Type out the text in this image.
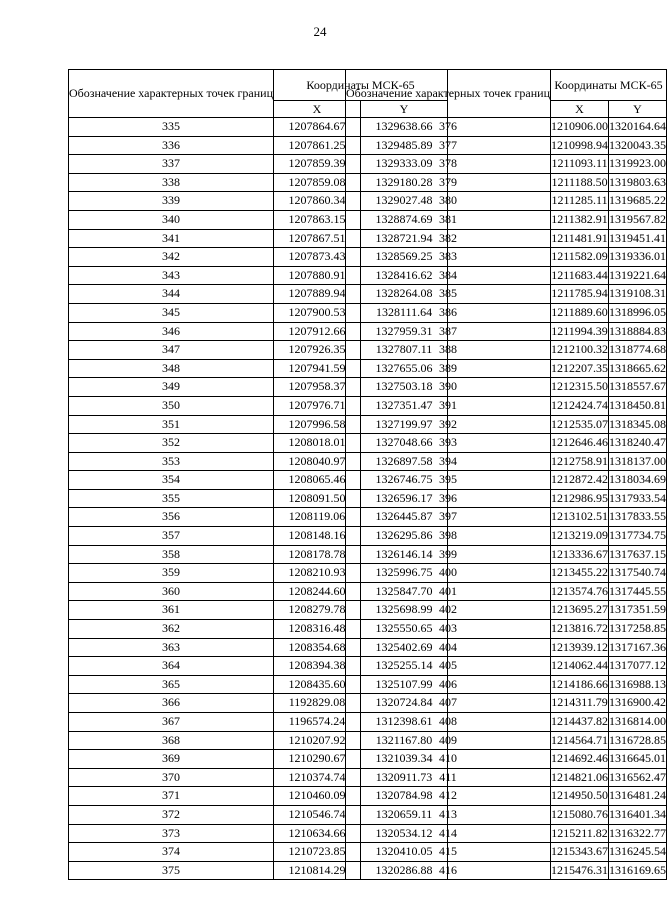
24
Обозначение характерных точек границ	Координаты МСК-65	
	X	Y
335	1207864.67	1329638.66
336	1207861.25	1329485.89
337	1207859.39	1329333.09
338	1207859.08	1329180.28
339	1207860.34	1329027.48
340	1207863.15	1328874.69
341	1207867.51	1328721.94
342	1207873.43	1328569.25
343	1207880.91	1328416.62
344	1207889.94	1328264.08
345	1207900.53	1328111.64
346	1207912.66	1327959.31
347	1207926.35	1327807.11
348	1207941.59	1327655.06
349	1207958.37	1327503.18
350	1207976.71	1327351.47
351	1207996.58	1327199.97
352	1208018.01	1327048.66
353	1208040.97	1326897.58
354	1208065.46	1326746.75
355	1208091.50	1326596.17
356	1208119.06	1326445.87
357	1208148.16	1326295.86
358	1208178.78	1326146.14
359	1208210.93	1325996.75
360	1208244.60	1325847.70
361	1208279.78	1325698.99
362	1208316.48	1325550.65
363	1208354.68	1325402.69
364	1208394.38	1325255.14
365	1208435.60	1325107.99
366	1192829.08	1320724.84
367	1196574.24	1312398.61
368	1210207.92	1321167.80
369	1210290.67	1321039.34
370	1210374.74	1320911.73
371	1210460.09	1320784.98
372	1210546.74	1320659.11
373	1210634.66	1320534.12
374	1210723.85	1320410.05
375	1210814.29	1320286.88
Обозначение характерных точек границ	Координаты МСК-65	
	X	Y
376	1210906.00	1320164.64
377	1210998.94	1320043.35
378	1211093.11	1319923.00
379	1211188.50	1319803.63
380	1211285.11	1319685.22
381	1211382.91	1319567.82
382	1211481.91	1319451.41
383	1211582.09	1319336.01
384	1211683.44	1319221.64
385	1211785.94	1319108.31
386	1211889.60	1318996.05
387	1211994.39	1318884.83
388	1212100.32	1318774.68
389	1212207.35	1318665.62
390	1212315.50	1318557.67
391	1212424.74	1318450.81
392	1212535.07	1318345.08
393	1212646.46	1318240.47
394	1212758.91	1318137.00
395	1212872.42	1318034.69
396	1212986.95	1317933.54
397	1213102.51	1317833.55
398	1213219.09	1317734.75
399	1213336.67	1317637.15
400	1213455.22	1317540.74
401	1213574.76	1317445.55
402	1213695.27	1317351.59
403	1213816.72	1317258.85
404	1213939.12	1317167.36
405	1214062.44	1317077.12
406	1214186.66	1316988.13
407	1214311.79	1316900.42
408	1214437.82	1316814.00
409	1214564.71	1316728.85
410	1214692.46	1316645.01
411	1214821.06	1316562.47
412	1214950.50	1316481.24
413	1215080.76	1316401.34
414	1215211.82	1316322.77
415	1215343.67	1316245.54
416	1215476.31	1316169.65
